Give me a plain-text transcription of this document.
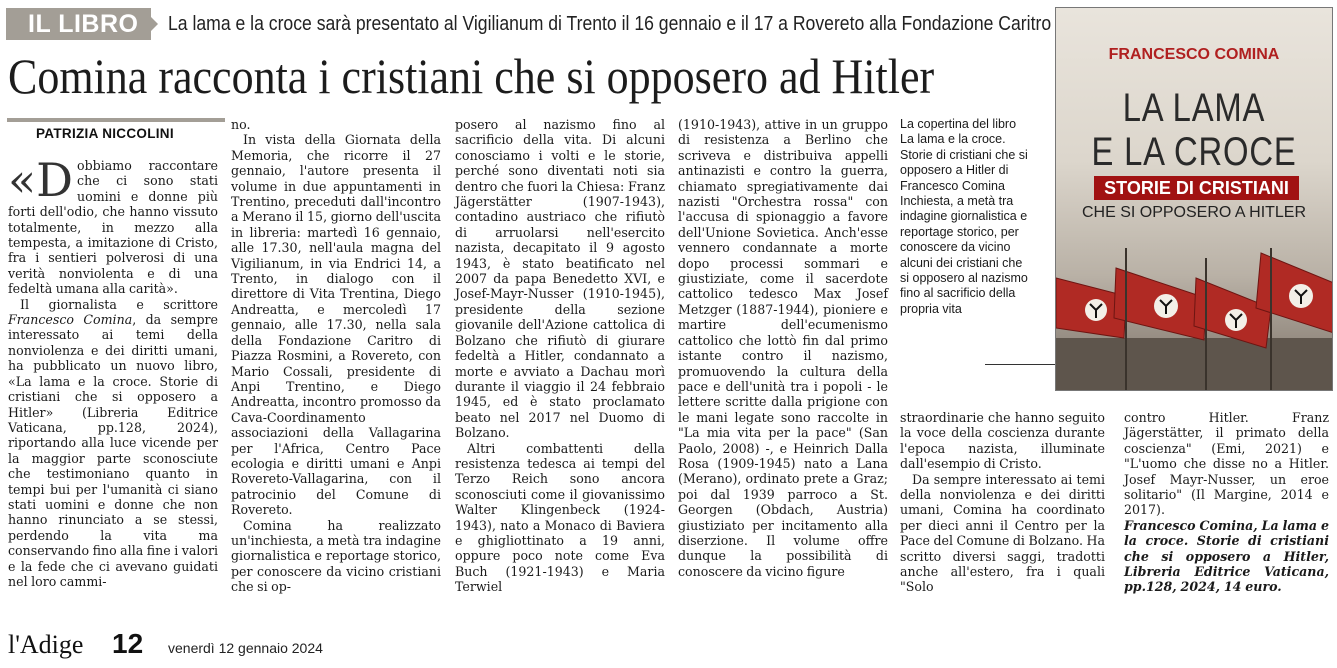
IL LIBRO	La lama e la croce sarà presentato al Vigilianum di Trento il 16 gennaio e il 17 a Rovereto alla Fondazione Caritro
Comina racconta i cristiani che si opposero ad Hitler
PATRIZIA NICCOLINI

«Dobbiamo raccontare che ci sono stati uomini e donne più forti dell'odio, che hanno vissuto totalmente, in mezzo alla tempesta, a imitazione di Cristo, fra i sentieri polverosi di una verità nonviolenta e di una fedeltà umana alla carità».

Il giornalista e scrittore Francesco Comina, da sempre interessato ai temi della nonviolenza e dei diritti umani, ha pubblicato un nuovo libro, «La lama e la croce. Storie di cristiani che si opposero a Hitler» (Libreria Editrice Vaticana, pp.128, 2024), riportando alla luce vicende per la maggior parte sconosciute che testimoniano quanto in tempi bui per l'umanità ci siano stati uomini e donne che non hanno rinunciato a se stessi, perdendo la vita ma conservando fino alla fine i valori e la fede che ci avevano guidati nel loro cammi-

no.

In vista della Giornata della Memoria, che ricorre il 27 gennaio, l'autore presenta il volume in due appuntamenti in Trentino, preceduti dall'incontro a Merano il 15, giorno dell'uscita in libreria: martedì 16 gennaio, alle 17.30, nell'aula magna del Vigilianum, in via Endrici 14, a Trento, in dialogo con il direttore di Vita Trentina, Diego Andreatta, e mercoledì 17 gennaio, alle 17.30, nella sala della Fondazione Caritro di Piazza Rosmini, a Rovereto, con Mario Cossali, presidente di Anpi Trentino, e Diego Andreatta, incontro promosso da Cava-Coordinamento associazioni della Vallagarina per l'Africa, Centro Pace ecologia e diritti umani e Anpi Rovereto-Vallagarina, con il patrocinio del Comune di Rovereto.

Comina ha realizzato un'inchiesta, a metà tra indagine giornalistica e reportage storico, per conoscere da vicino cristiani che si op-

posero al nazismo fino al sacrificio della vita. Di alcuni conosciamo i volti e le storie, perché sono diventati noti sia dentro che fuori la Chiesa: Franz Jägerstätter (1907-1943), contadino austriaco che rifiutò di arruolarsi nell'esercito nazista, decapitato il 9 agosto 1943, è stato beatificato nel 2007 da papa Benedetto XVI, e Josef-Mayr-Nusser (1910-1945), presidente della sezione giovanile dell'Azione cattolica di Bolzano che rifiutò di giurare fedeltà a Hitler, condannato a morte e avviato a Dachau morì durante il viaggio il 24 febbraio 1945, ed è stato proclamato beato nel 2017 nel Duomo di Bolzano.

Altri combattenti della resistenza tedesca ai tempi del Terzo Reich sono ancora sconosciuti come il giovanissimo Walter Klingenbeck (1924-1943), nato a Monaco di Baviera e ghigliottinato a 19 anni, oppure poco note come Eva Buch (1921-1943) e Maria Terwiel

(1910-1943), attive in un gruppo di resistenza a Berlino che scriveva e distribuiva appelli antinazisti e contro la guerra, chiamato spregiativamente dai nazisti "Orchestra rossa" con l'accusa di spionaggio a favore dell'Unione Sovietica. Anch'esse vennero condannate a morte dopo processi sommari e giustiziate, come il sacerdote cattolico tedesco Max Josef Metzger (1887-1944), pioniere e martire dell'ecumenismo cattolico che lottò fin dal primo istante contro il nazismo, promuovendo la cultura della pace e dell'unità tra i popoli - le lettere scritte dalla prigione con le mani legate sono raccolte in "La mia vita per la pace" (San Paolo, 2008) -, e Heinrich Dalla Rosa (1909-1945) nato a Lana (Merano), ordinato prete a Graz; poi dal 1939 parroco a St. Georgen (Obdach, Austria) giustiziato per incitamento alla diserzione. Il volume offre dunque la possibilità di conoscere da vicino figure

La copertina del libro La lama e la croce. Storie di cristiani che si opposero a Hitler di Francesco Comina Inchiesta, a metà tra indagine giornalistica e reportage storico, per conoscere da vicino alcuni dei cristiani che si opposero al nazismo fino al sacrificio della propria vita

straordinarie che hanno seguito la voce della coscienza durante l'epoca nazista, illuminate dall'esempio di Cristo.

Da sempre interessato ai temi della nonviolenza e dei diritti umani, Comina ha coordinato per dieci anni il Centro per la Pace del Comune di Bolzano. Ha scritto diversi saggi, tradotti anche all'estero, fra i quali "Solo

contro Hitler. Franz Jägerstätter, il primato della coscienza" (Emi, 2021) e "L'uomo che disse no a Hitler. Josef Mayr-Nusser, un eroe solitario" (Il Margine, 2014 e 2017).

Francesco Comina, La lama e la croce. Storie di cristiani che si opposero a Hitler, Libreria Editrice Vaticana, pp.128, 2024, 14 euro.

FRANCESCO COMINA
LA LAMA
E LA CROCE
STORIE DI CRISTIANI
CHE SI OPPOSERO A HITLER
l'Adige 12 venerdì 12 gennaio 2024
